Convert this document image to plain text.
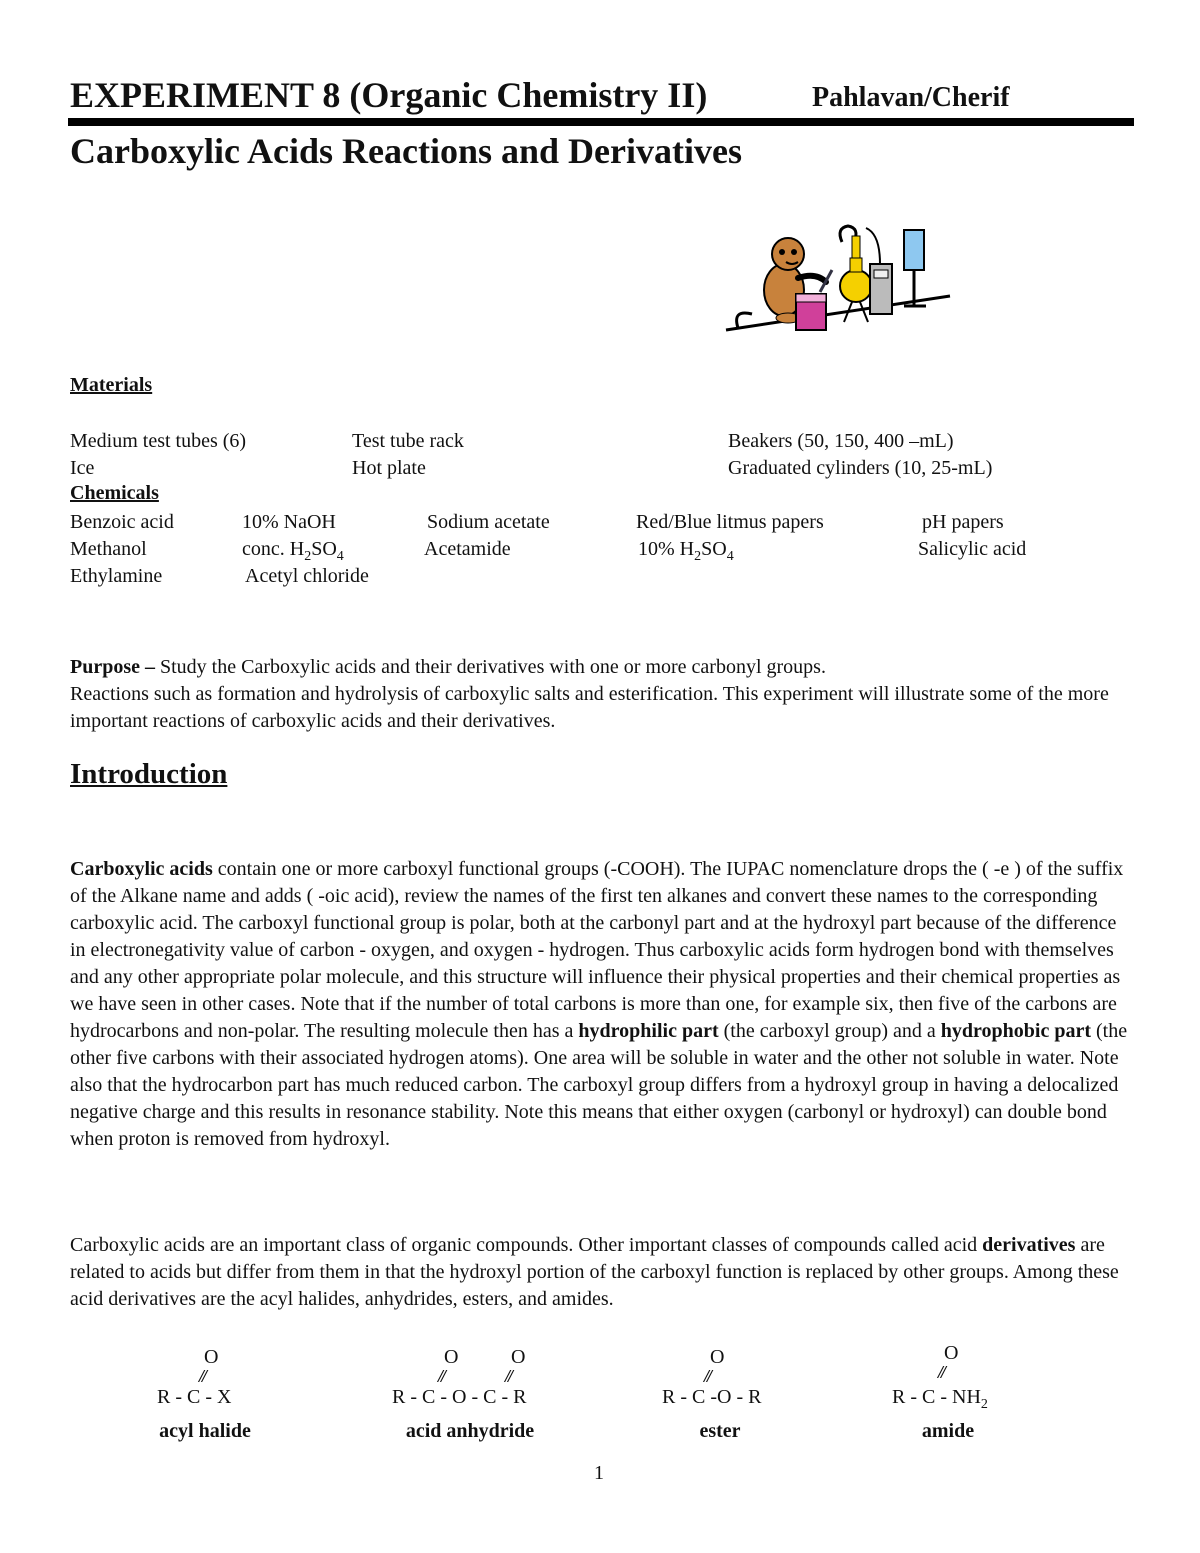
EXPERIMENT 8 (Organic Chemistry II)	Pahlavan/Cherif
Carboxylic Acids Reactions and Derivatives
Materials
Medium test tubes (6)	Test tube rack	Beakers (50, 150, 400 –mL)
Ice	Hot plate	Graduated cylinders (10, 25-mL)
Chemicals
Benzoic acid	10% NaOH	Sodium acetate	Red/Blue litmus papers	pH papers
Methanol	conc. $H_2SO_4$	Acetamide	10% $H_2SO_4$	Salicylic acid
Ethylamine	Acetyl chloride
Purpose – Study the Carboxylic acids and their derivatives with one or more carbonyl groups.
Reactions such as formation and hydrolysis of carboxylic salts and esterification. This experiment will illustrate some of the more important reactions of carboxylic acids and their derivatives.
Introduction
Carboxylic acids contain one or more carboxyl functional groups (-COOH). The IUPAC nomenclature drops the ( -e ) of the suffix of the Alkane name and adds ( -oic acid), review the names of the first ten alkanes and convert these names to the corresponding carboxylic acid. The carboxyl functional group is polar, both at the carbonyl part and at the hydroxyl part because of the difference in electronegativity value of carbon - oxygen, and oxygen - hydrogen. Thus carboxylic acids form hydrogen bond with themselves and any other appropriate polar molecule, and this structure will influence their physical properties and their chemical properties as we have seen in other cases. Note that if the number of total carbons is more than one, for example six, then five of the carbons are hydrocarbons and non-polar. The resulting molecule then has a hydrophilic part (the carboxyl group) and a hydrophobic part (the other five carbons with their associated hydrogen atoms). One area will be soluble in water and the other not soluble in water. Note also that the hydrocarbon part has much reduced carbon. The carboxyl group differs from a hydroxyl group in having a delocalized negative charge and this results in resonance stability. Note this means that either oxygen (carbonyl or hydroxyl) can double bond when proton is removed from hydroxyl.
Carboxylic acids are an important class of organic compounds. Other important classes of compounds called acid derivatives are related to acids but differ from them in that the hydroxyl portion of the carboxyl function is replaced by other groups. Among these acid derivatives are the acyl halides, anhydrides, esters, and amides.
O
//
R - C - X
acyl halide
O	O
//	//
R - C - O - C - R
acid anhydride
O
//
R - C -O - R
ester
O
//
R - C - $NH_2$
amide
1
